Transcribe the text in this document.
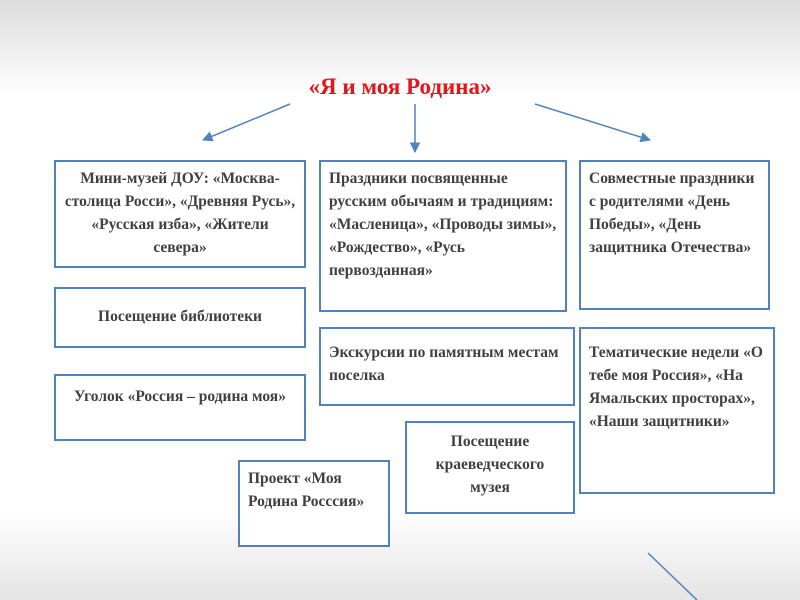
«Я и моя Родина»
Мини-музей ДОУ: «Москва-столица Росси», «Древняя Русь», «Русская изба», «Жители севера»
Праздники посвященные русским обычаям и традициям: «Масленица», «Проводы зимы», «Рождество», «Русь первозданная»
Совместные праздники с родителями «День Победы», «День защитника Отечества»
Посещение библиотеки
Экскурсии по памятным местам поселка
Тематические недели «О тебе моя Россия», «На Ямальских просторах», «Наши защитники»
Уголок «Россия – родина моя»
Посещение краеведческого музея
Проект «Моя Родина Росссия»
